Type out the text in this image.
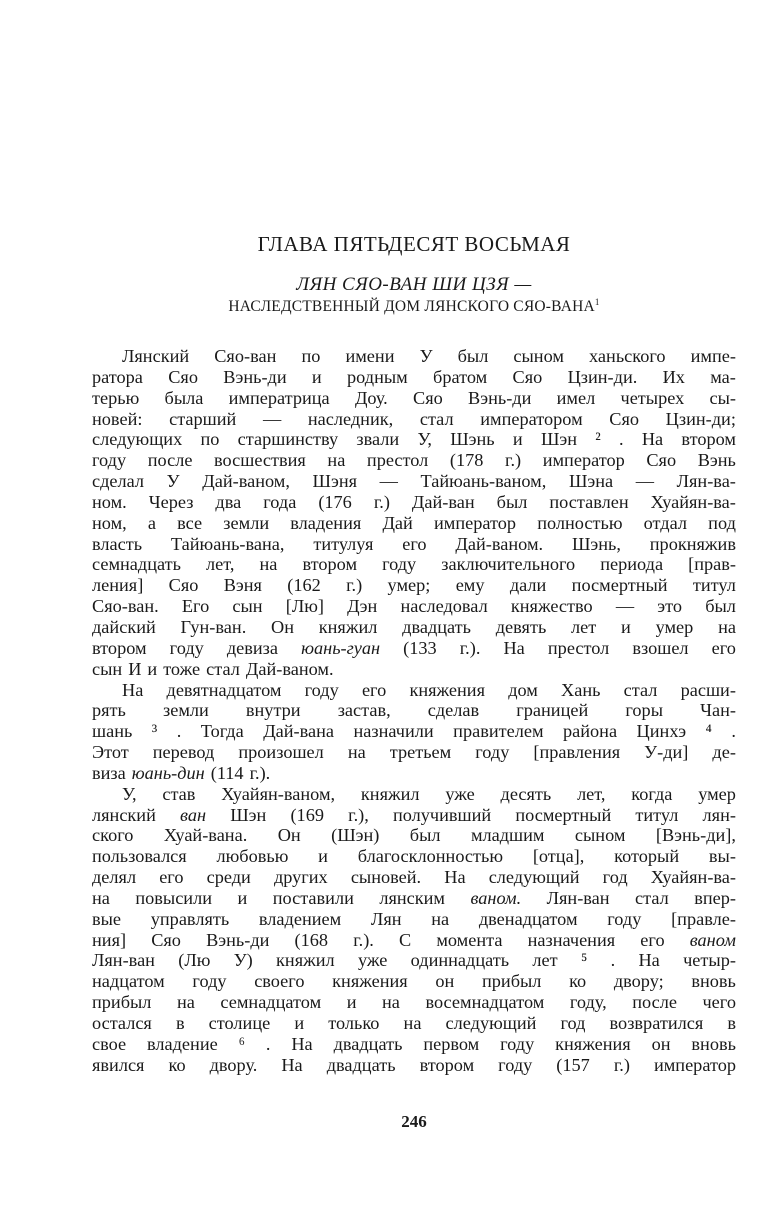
ГЛАВА ПЯТЬДЕСЯТ ВОСЬМАЯ
ЛЯН СЯО-ВАН ШИ ЦЗЯ —
НАСЛЕДСТВЕННЫЙ ДОМ ЛЯНСКОГО СЯО-ВАНА$^1$
Лянский Сяо-ван по имени У был сыном ханьского импе-
ратора Сяо Вэнь-ди и родным братом Сяо Цзин-ди. Их ма-
терью была императрица Доу. Сяо Вэнь-ди имел четырех сы-
новей: старший — наследник, стал императором Сяо Цзин-ди;
следующих по старшинству звали У, Шэнь и Шэн ² . На втором
году после восшествия на престол (178 г.) император Сяо Вэнь
сделал У Дай-ваном, Шэня — Тайюань-ваном, Шэна — Лян-ва-
ном. Через два года (176 г.) Дай-ван был поставлен Хуайян-ва-
ном, а все земли владения Дай император полностью отдал под
власть Тайюань-вана, титулуя его Дай-ваном. Шэнь, прокняжив
семнадцать лет, на втором году заключительного периода [прав-
ления] Сяо Вэня (162 г.) умер; ему дали посмертный титул
Сяо-ван. Его сын [Лю] Дэн наследовал княжество — это был
дайский Гун-ван. Он княжил двадцать девять лет и умер на
втором году девиза юань-гуан (133 г.). На престол взошел его
сын И и тоже стал Дай-ваном.
На девятнадцатом году его княжения дом Хань стал расши-
рять земли внутри застав, сделав границей горы Чан-
шань ³ . Тогда Дай-вана назначили правителем района Цинхэ ⁴ .
Этот перевод произошел на третьем году [правления У-ди] де-
виза юань-дин (114 г.).
У, став Хуайян-ваном, княжил уже десять лет, когда умер
лянский ван Шэн (169 г.), получивший посмертный титул лян-
ского Хуай-вана. Он (Шэн) был младшим сыном [Вэнь-ди],
пользовался любовью и благосклонностью [отца], который вы-
делял его среди других сыновей. На следующий год Хуайян-ва-
на повысили и поставили лянским ваном. Лян-ван стал впер-
вые управлять владением Лян на двенадцатом году [правле-
ния] Сяо Вэнь-ди (168 г.). С момента назначения его ваном
Лян-ван (Лю У) княжил уже одиннадцать лет ⁵ . На четыр-
надцатом году своего княжения он прибыл ко двору; вновь
прибыл на семнадцатом и на восемнадцатом году, после чего
остался в столице и только на следующий год возвратился в
свое владение ⁶ . На двадцать первом году княжения он вновь
явился ко двору. На двадцать втором году (157 г.) император
246
